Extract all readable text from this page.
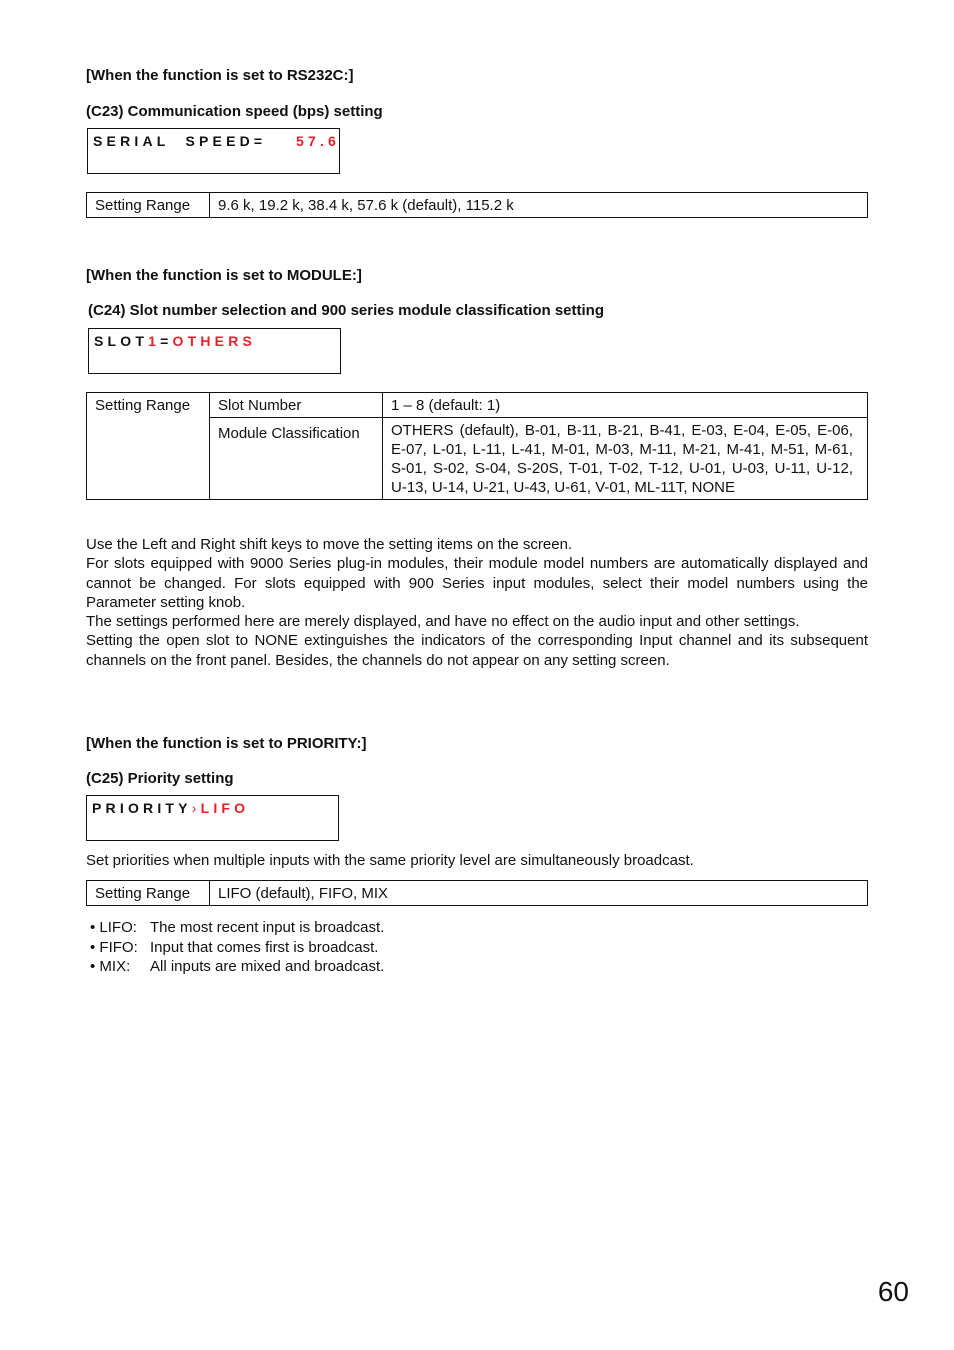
[When the function is set to RS232C:]
(C23) Communication speed (bps) setting
SERIAL  SPEED= 57.6
Setting Range	9.6 k, 19.2 k, 38.4 k, 57.6 k (default), 115.2 k
[When the function is set to MODULE:]
(C24) Slot number selection and 900 series module classification setting
SLOT1=OTHERS
Setting Range	Slot Number	1 – 8 (default: 1)
	Module Classification	OTHERS (default), B-01, B-11, B-21, B-41, E-03, E-04, E-05, E-06, E-07, L-01, L-11, L-41, M-01, M-03, M-11, M-21, M-41, M-51, M-61, S-01, S-02, S-04, S-20S, T-01, T-02, T-12, U-01, U-03, U-11, U-12, U-13, U-14, U-21, U-43, U-61, V-01, ML-11T, NONE

Use the Left and Right shift keys to move the setting items on the screen.

For slots equipped with 9000 Series plug-in modules, their module model numbers are automatically displayed and cannot be changed. For slots equipped with 900 Series input modules, select their model numbers using the Parameter setting knob.

The settings performed here are merely displayed, and have no effect on the audio input and other settings.

Setting the open slot to NONE extinguishes the indicators of the corresponding Input channel and its subsequent channels on the front panel. Besides, the channels do not appear on any setting screen.

[When the function is set to PRIORITY:]
(C25) Priority setting
PRIORITY›LIFO
Set priorities when multiple inputs with the same priority level are simultaneously broadcast.
Setting Range	LIFO (default), FIFO, MIX
• LIFO: The most recent input is broadcast.
• FIFO: Input that comes first is broadcast.
• MIX:	All inputs are mixed and broadcast.
60
